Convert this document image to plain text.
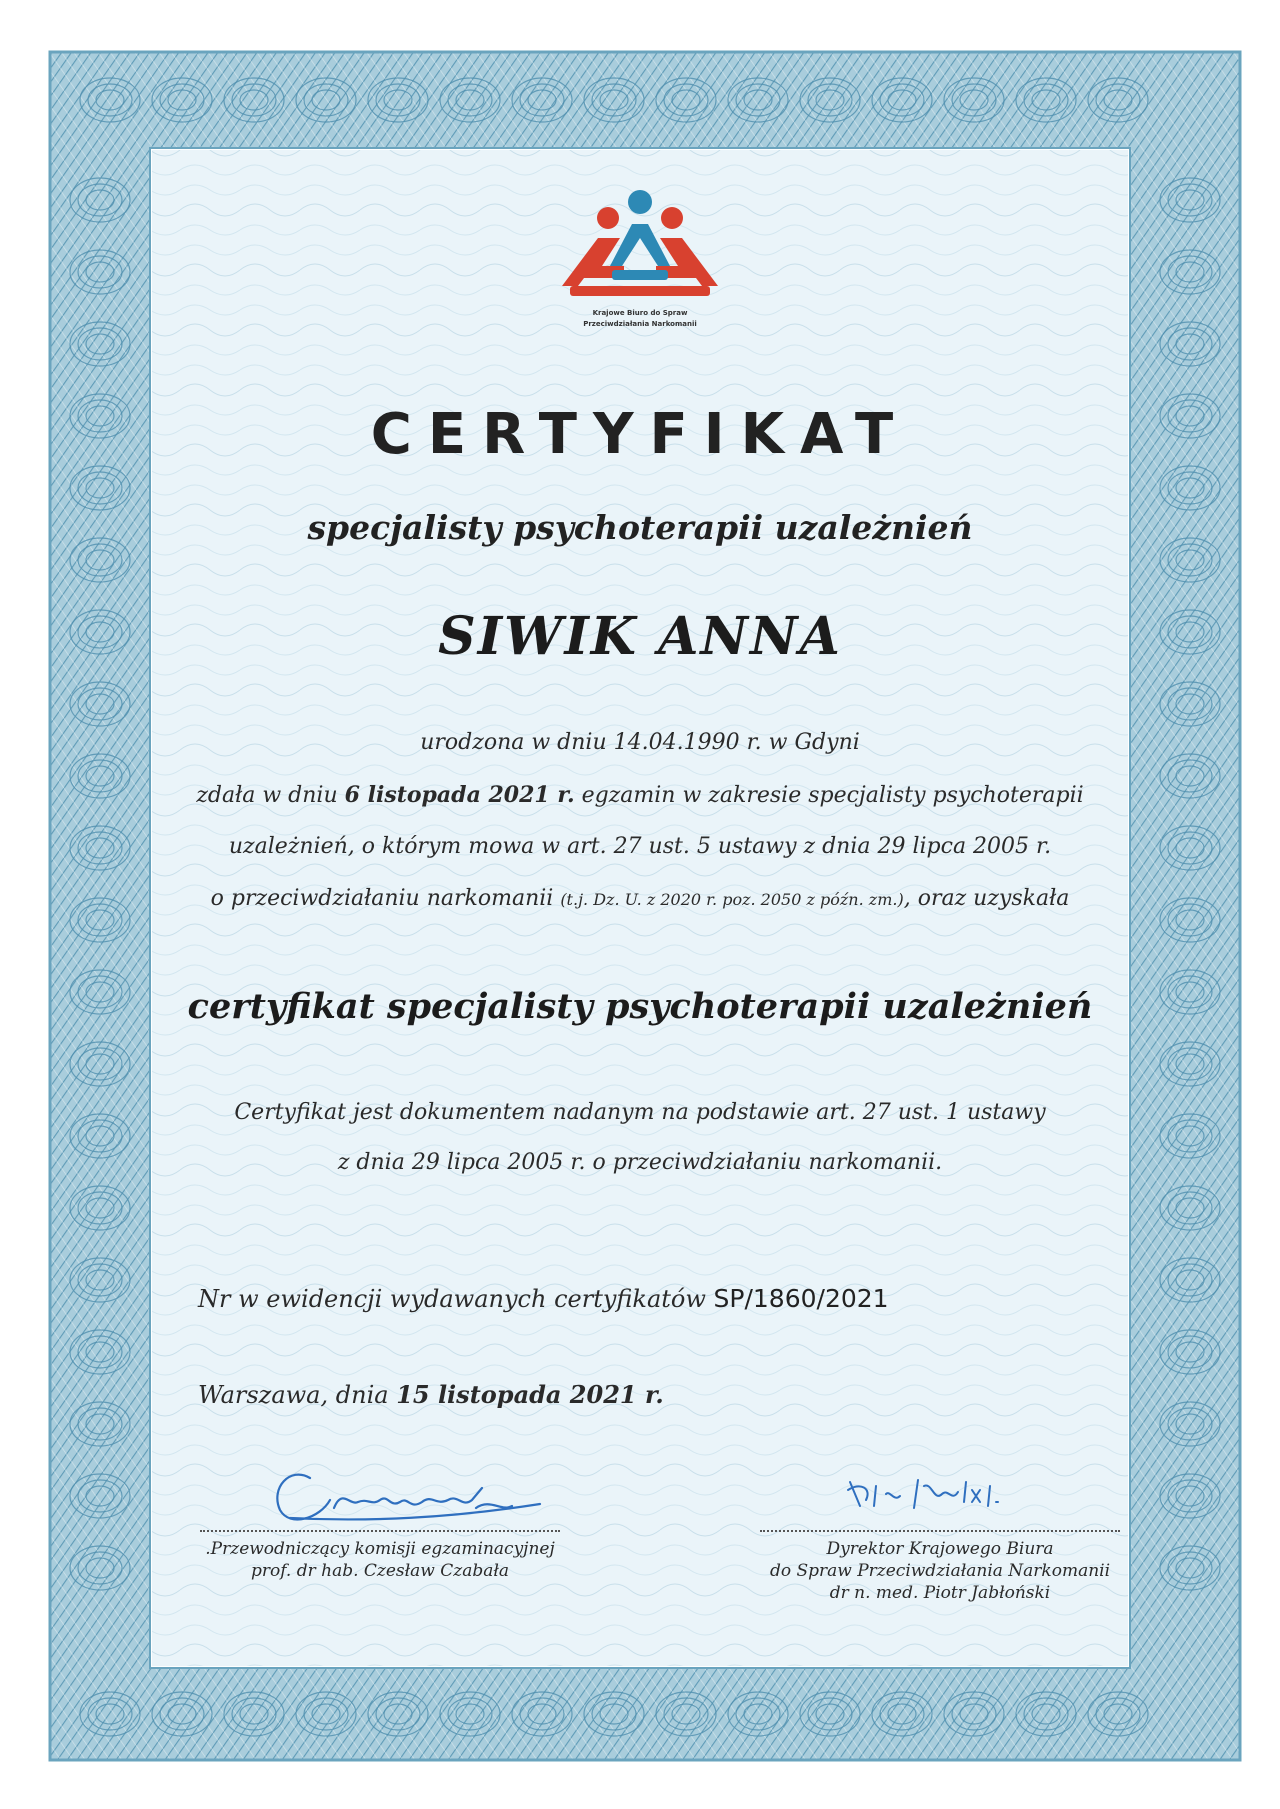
Krajowe Biuro do Spraw
Przeciwdziałania Narkomanii
CERTYFIKAT
specjalisty psychoterapii uzależnień
SIWIK ANNA
urodzona w dniu 14.04.1990 r. w Gdyni
zdała w dniu 6 listopada 2021 r. egzamin w zakresie specjalisty psychoterapii
uzależnień, o którym mowa w art. 27 ust. 5 ustawy z dnia 29 lipca 2005 r.
o przeciwdziałaniu narkomanii (t.j. Dz. U. z 2020 r. poz. 2050 z późn. zm.), oraz uzyskała
certyfikat specjalisty psychoterapii uzależnień
Certyfikat jest dokumentem nadanym na podstawie art. 27 ust. 1 ustawy
z dnia 29 lipca 2005 r. o przeciwdziałaniu narkomanii.
Nr w ewidencji wydawanych certyfikatów SP/1860/2021
Warszawa, dnia 15 listopada 2021 r.
.Przewodniczący komisji egzaminacyjnej
prof. dr hab. Czesław Czabała
Dyrektor Krajowego Biura
do Spraw Przeciwdziałania Narkomanii
dr n. med. Piotr Jabłoński
